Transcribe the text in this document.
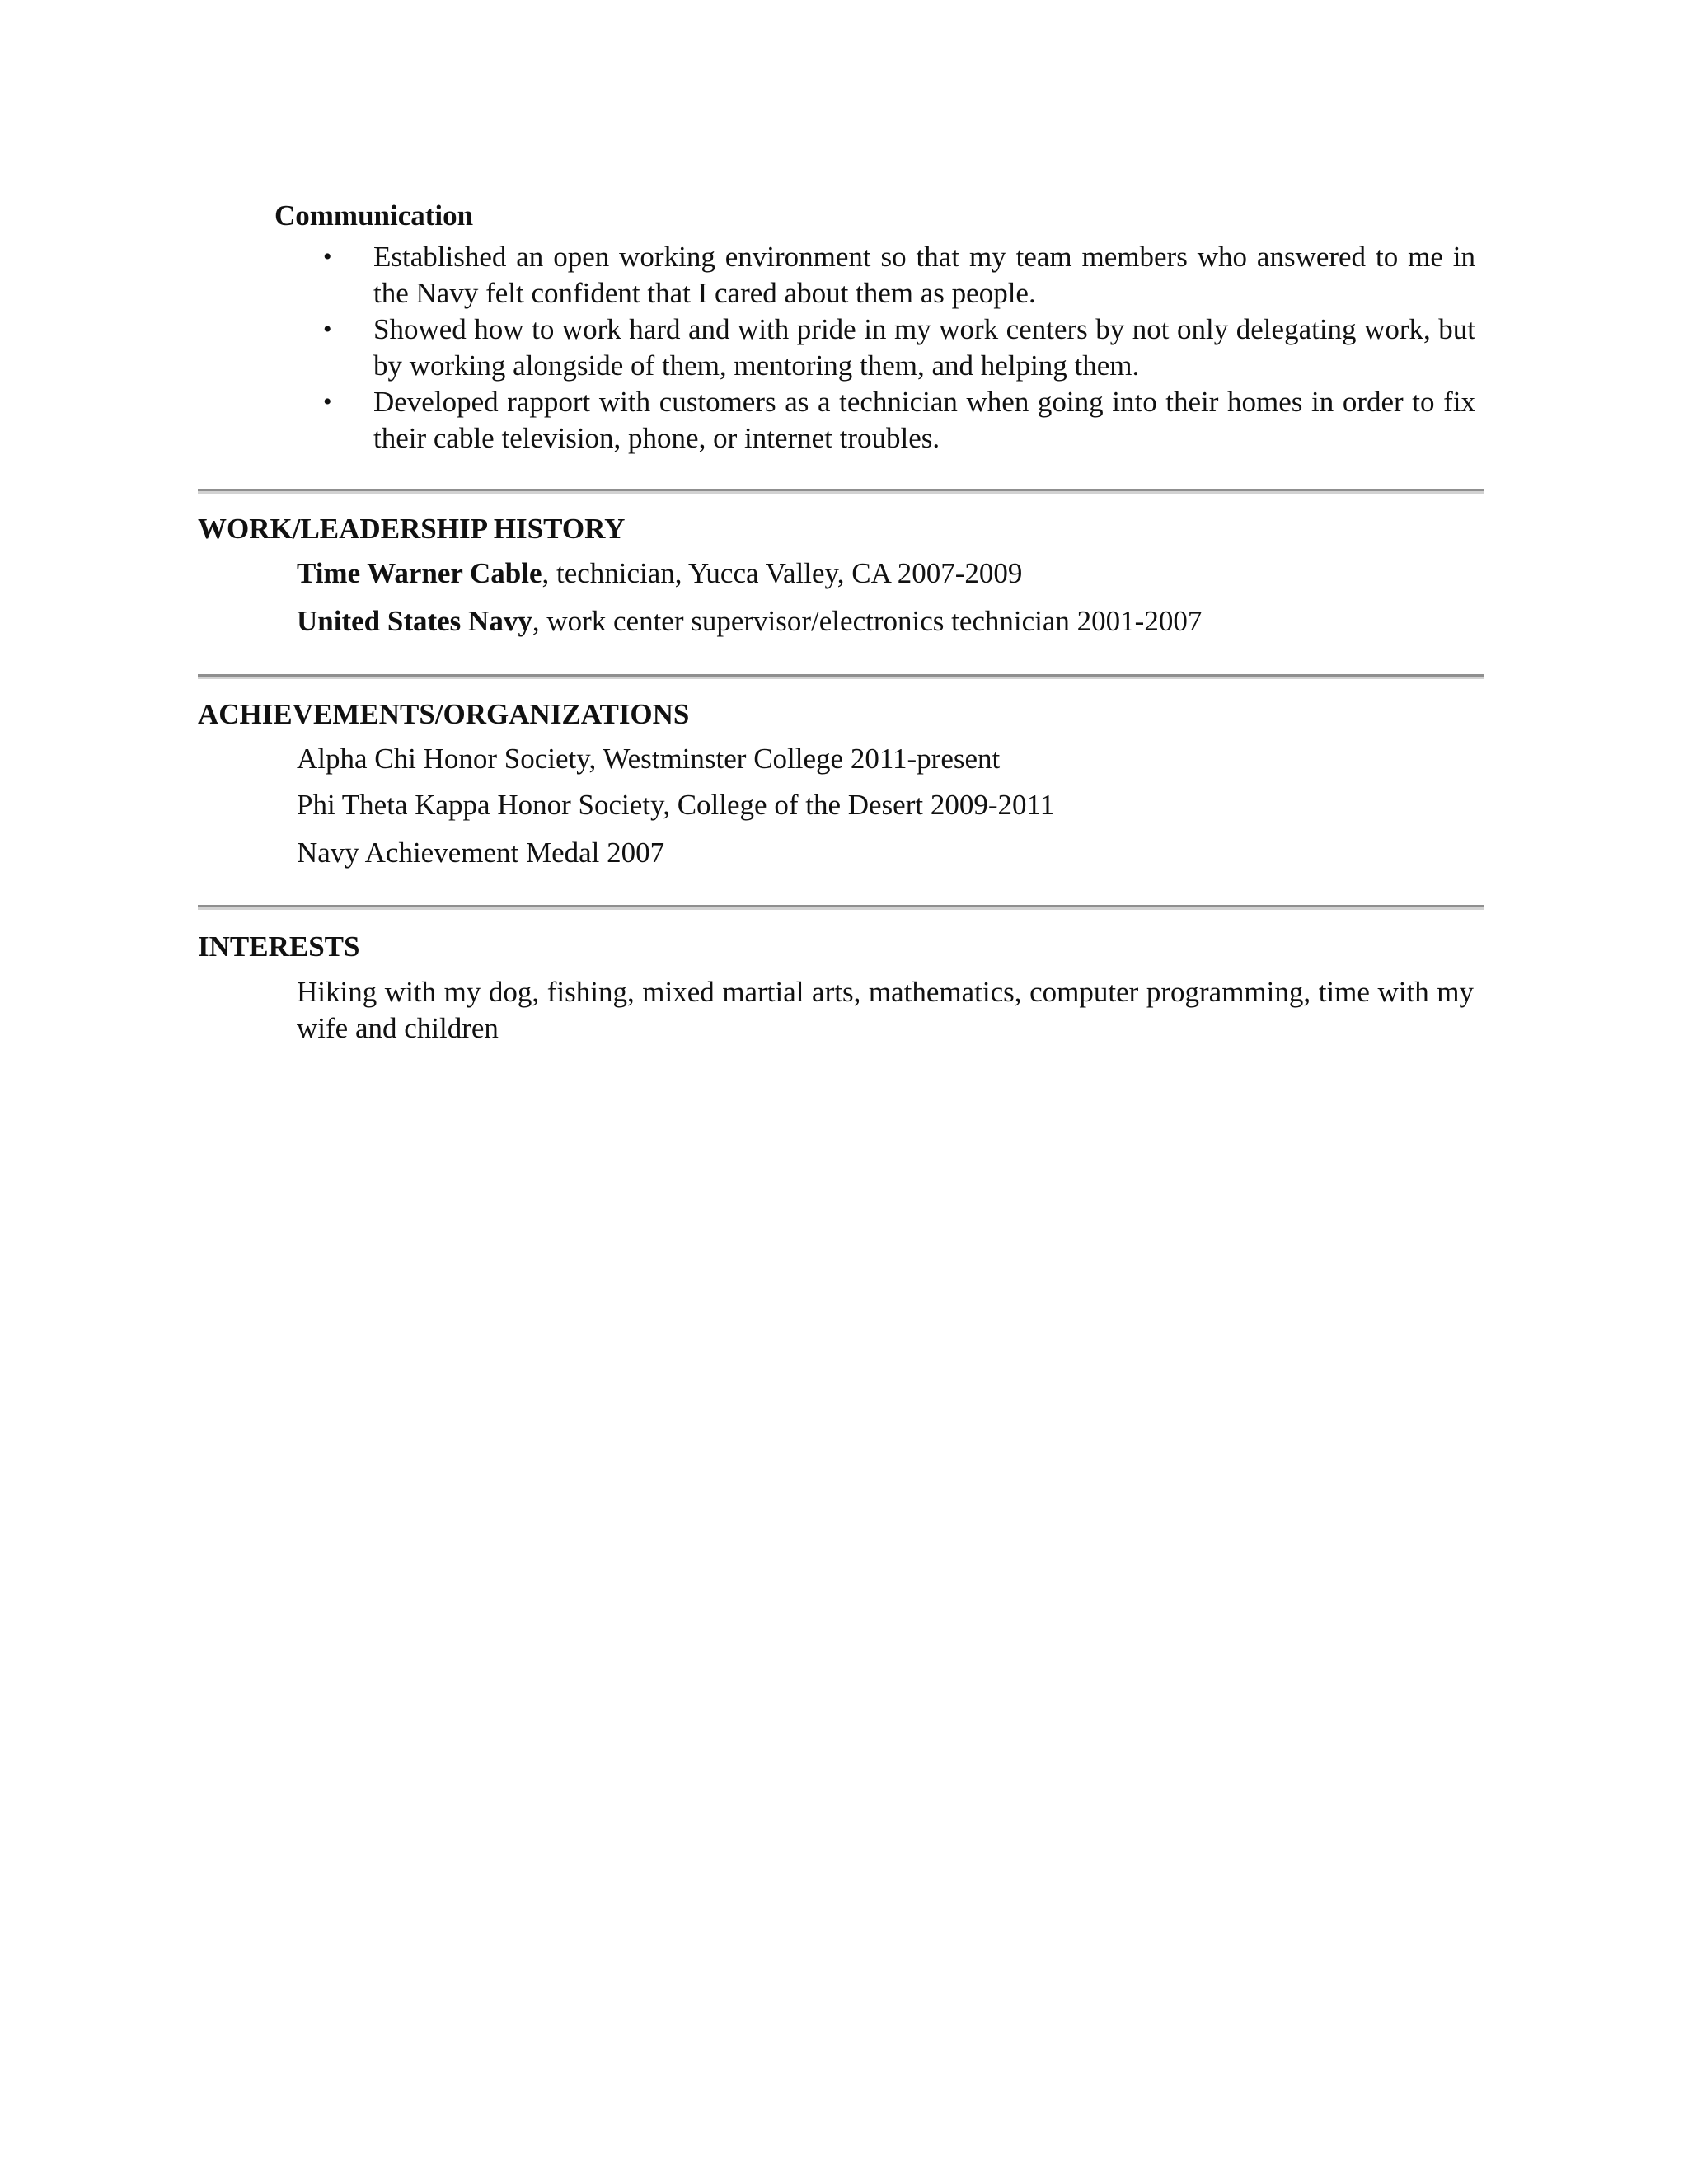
Communication
• Established an open working environment so that my team members who answered to me in the Navy felt confident that I cared about them as people.
• Showed how to work hard and with pride in my work centers by not only delegating work, but by working alongside of them, mentoring them, and helping them.
• Developed rapport with customers as a technician when going into their homes in order to fix their cable television, phone, or internet troubles.
WORK/LEADERSHIP HISTORY
Time Warner Cable, technician, Yucca Valley, CA 2007-2009
United States Navy, work center supervisor/electronics technician 2001-2007
ACHIEVEMENTS/ORGANIZATIONS
Alpha Chi Honor Society, Westminster College 2011-present
Phi Theta Kappa Honor Society, College of the Desert 2009-2011
Navy Achievement Medal 2007
INTERESTS
Hiking with my dog, fishing, mixed martial arts, mathematics, computer programming, time with my wife and children
